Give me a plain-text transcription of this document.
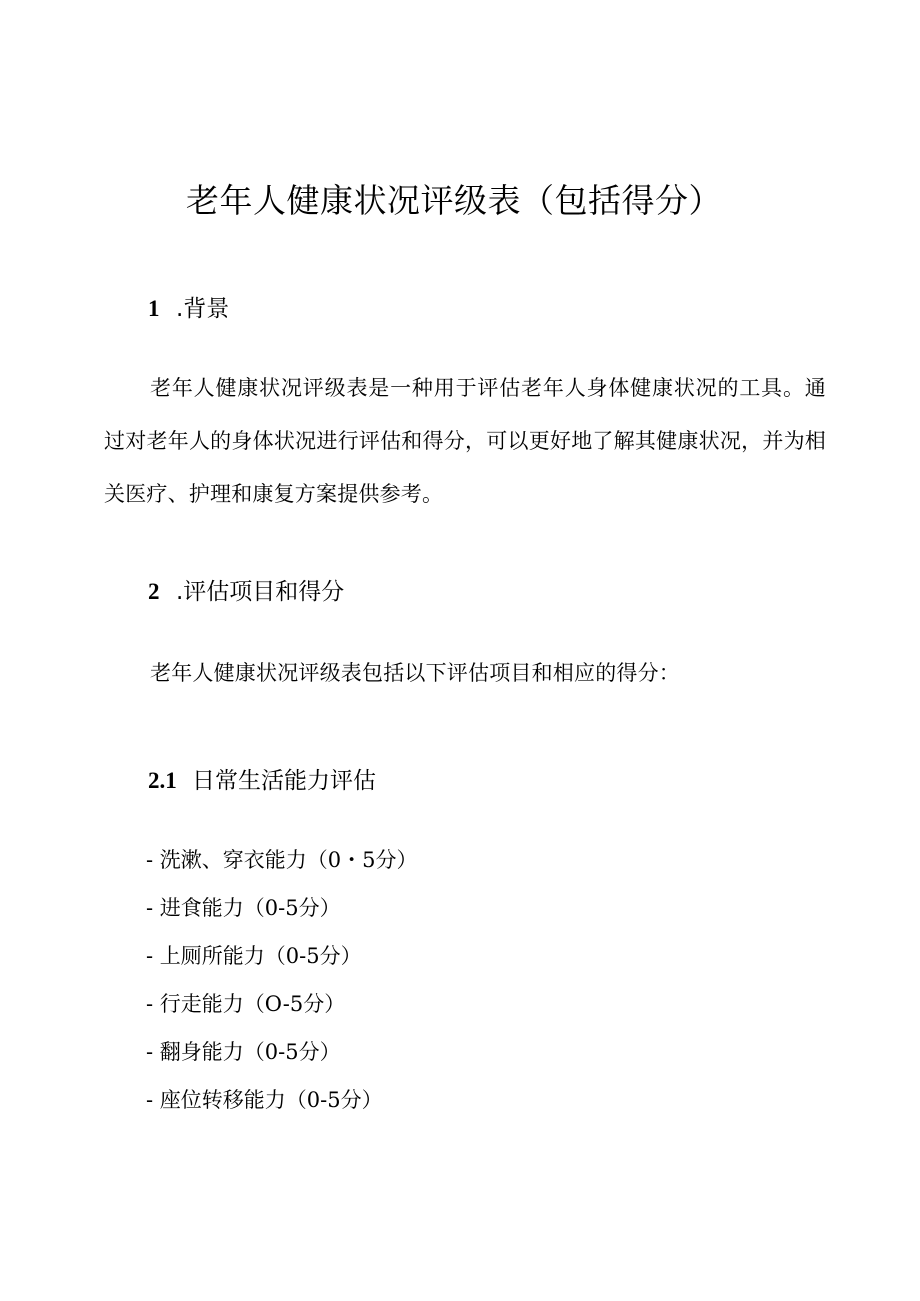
老年人健康状况评级表（包括得分）
1 .背景
老年人健康状况评级表是一种用于评估老年人身体健康状况的工具。通过对老年人的身体状况进行评估和得分，可以更好地了解其健康状况，并为相关医疗、护理和康复方案提供参考。
2 .评估项目和得分
老年人健康状况评级表包括以下评估项目和相应的得分：
2.1 日常生活能力评估
- 洗漱、穿衣能力（0・5分）
- 进食能力（0-5分）
- 上厕所能力（0-5分）
- 行走能力（O-5分）
- 翻身能力（0-5分）
- 座位转移能力（0-5分）
